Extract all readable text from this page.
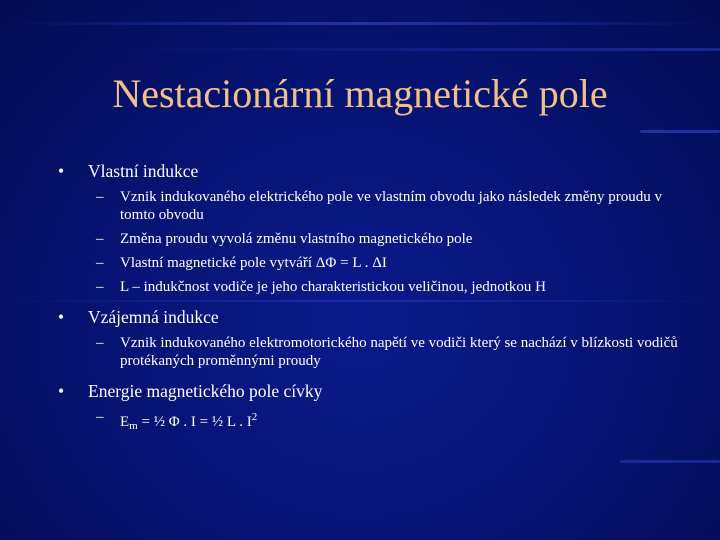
Nestacionární magnetické pole
• Vlastní indukce
– Vznik indukovaného elektrického pole ve vlastním obvodu jako následek změny proudu v tomto obvodu
– Změna proudu vyvolá změnu vlastního magnetického pole
– Vlastní magnetické pole vytváří ΔΦ = L . ΔI
– L – indukčnost vodiče je jeho charakteristickou veličinou, jednotkou H
• Vzájemná indukce
– Vznik indukovaného elektromotorického napětí ve vodiči který se nachází v blízkosti vodičů protékaných proměnnými proudy
• Energie magnetického pole cívky
– $E_m$ = ½ Φ . I = ½ L . $I^2$
